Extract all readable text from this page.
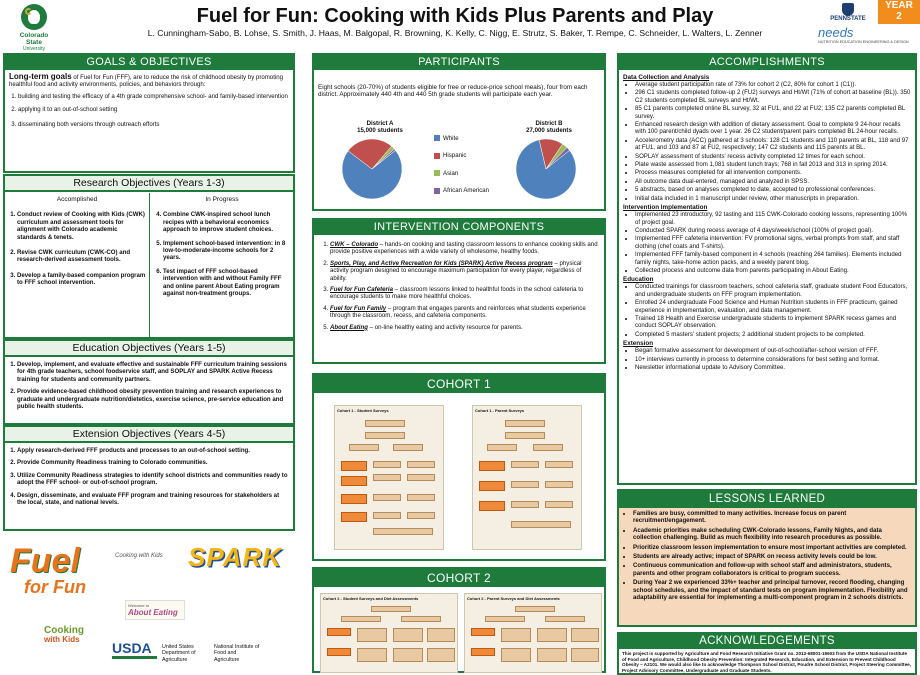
Colorado State
University
Fuel for Fun: Cooking with Kids Plus Parents and Play
L. Cunningham-Sabo, B. Lohse, S. Smith, J. Haas, M. Balgopal, R. Browning, K. Kelly, C. Nigg, E. Strutz, S. Baker, T. Rempe, C. Schneider, L. Walters, L. Zenner
PENNSTATE
YEAR
2
needs
NUTRITION EDUCATION ENGINEERING & DESIGN
GOALS & OBJECTIVES
Long-term goals of Fuel for Fun (FFF), are to reduce the risk of childhood obesity by promoting healthful food and activity environments, policies, and behaviors through:
1. building and testing the efficacy of a 4th grade comprehensive school- and family-based intervention
2. applying it to an out-of-school setting
3. disseminating both versions through outreach efforts
Research Objectives (Years 1-3)
Accomplished
1. Conduct review of Cooking with Kids (CWK) curriculum and assessment tools for alignment with Colorado academic standards & tenets.
2. Revise CWK curriculum (CWK-CO) and research-derived assessment tools.
3. Develop a family-based companion program to FFF school intervention.
In Progress
4. Combine CWK-inspired school lunch recipes with a behavioral economics approach to improve student choices.
5. Implement school-based intervention: in 8 low-to-moderate-income schools for 2 years.
6. Test impact of FFF school-based intervention with and without Family FFF and online parent About Eating program against non-treatment groups.
Education Objectives (Years 1-5)
1. Develop, implement, and evaluate effective and sustainable FFF curriculum training sessions for 4th grade teachers, school foodservice staff, and SOPLAY and SPARK Active Recess training for students and community partners.
2. Provide evidence-based childhood obesity prevention training and research experiences to graduate and undergraduate nutrition/dietetics, exercise science, pre-service education and public health students.
Extension Objectives (Years 4-5)
1. Apply research-derived FFF products and processes to an out-of-school setting.
2. Provide Community Readiness training to Colorado communities.
3. Utilize Community Readiness strategies to identify school districts and communities ready to adopt the FFF school- or out-of-school program.
4. Design, disseminate, and evaluate FFF program and training resources for stakeholders at the local, state, and national levels.
Fuel
for Fun
Cooking
with Kids
Cooking with Kids SPARK
Welcome to
About Eating
USDA	United States Department of Agriculture
National Institute of Food and Agriculture
PARTICIPANTS
Eight schools (20-70%) of students eligible for free or reduce-price school meals), four from each district. Approximately 440 4th and 440 5th grade students will participate each year.
District A
15,000 students
White
Hispanic
Asian
African American
District B
27,000 students
INTERVENTION COMPONENTS
1. CWK – Colorado – hands-on cooking and tasting classroom lessons to enhance cooking skills and provide positive experiences with a wide variety of wholesome, healthy foods.
2. Sports, Play, and Active Recreation for Kids (SPARK) Active Recess program – physical activity program designed to encourage maximum participation for every player, regardless of ability.
3. Fuel for Fun Cafeteria – classroom lessons linked to healthful foods in the school cafeteria to encourage students to make more healthful choices.
4. Fuel for Fun Family – program that engages parents and reinforces what students experience through the classroom, recess, and cafeteria components.
5. About Eating – on-line healthy eating and activity resource for parents.
COHORT 1
Cohort 1 - Student Surveys	Cohort 1 - Parent Surveys
COHORT 2
Cohort 2 - Student Surveys and Diet Assessments	Cohort 2 - Parent Surveys and Diet Assessments
ACCOMPLISHMENTS
Data Collection and Analysis
• Average student participation rate of 73% for cohort 2 (C2, 80% for cohort 1 (C1)).
• 296 C1 students completed follow-up 2 (FU2) surveys and Ht/Wt (71% of cohort at baseline (BL)). 350 C2 students completed BL surveys and Ht/Wt.
• 85 C1 parents completed online BL survey, 32 at FU1, and 22 at FU2; 135 C2 parents completed BL survey.
• Enhanced research design with addition of dietary assessment. Goal to complete 9 24-hour recalls with 100 parent/child dyads over 1 year. 26 C2 student/parent pairs completed BL 24-hour recalls.
• Accelerometry data (ACC) gathered at 3 schools: 128 C1 students and 110 parents at BL, 118 and 97 at FU1, and 103 and 87 at FU2, respectively; 147 C2 students and 115 parents at BL.
• SOPLAY assessment of students' recess activity completed 12 times for each school.
• Plate waste assessed from 1,081 student lunch trays; 768 in fall 2013 and 313 in spring 2014.
• Process measures completed for all intervention components.
• All outcome data dual-entered, managed and analyzed in SPSS.
• 5 abstracts, based on analyses completed to date, accepted to professional conferences.
• Initial data included in 1 manuscript under review, other manuscripts in preparation.
Intervention Implementation
• Implemented 23 introductory, 92 tasting and 115 CWK-Colorado cooking lessons, representing 100% of project goal.
• Conducted SPARK during recess average of 4 days/week/school (100% of project goal).
• Implemented FFF cafeteria intervention: FV promotional signs, verbal prompts from staff, and staff clothing (chef coats and T-shirts).
• Implemented FFF family-based component in 4 schools (reaching 264 families). Elements included family nights, take-home action packs, and a weekly parent blog.
• Collected process and outcome data from parents participating in About Eating.
Education
• Conducted trainings for classroom teachers, school cafeteria staff, graduate student Food Educators, and undergraduate students on FFF program implementation.
• Enrolled 24 undergraduate Food Science and Human Nutrition students in FFF practicum, gained experience in implementation, evaluation, and data management.
• Trained 18 Health and Exercise undergraduate students to implement SPARK recess games and conduct SOPLAY observation.
• Completed 5 masters' student projects; 2 additional student projects to be completed.
Extension
• Began formative assessment for development of out-of-school/after-school version of FFF.
• 10+ interviews currently in process to determine considerations for best setting and format.
• Newsletter informational update to Advisory Committee.
LESSONS LEARNED
• Families are busy, committed to many activities. Increase focus on parent recruitment/engagement.
• Academic priorities make scheduling CWK-Colorado lessons, Family Nights, and data collection challenging. Build as much flexibility into research procedures as possible.
• Prioritize classroom lesson implementation to ensure most important activities are completed.
• Students are already active; impact of SPARK on recess activity levels could be low.
• Continuous communication and follow-up with school staff and administrators, students, parents and other program collaborators is critical to program success.
• During Year 2 we experienced 33%+ teacher and principal turnover, record flooding, changing school schedules, and the impact of standard tests on program implementation. Flexibility and adaptability are essential for implementing a multi-component program in 2 schools districts.
ACKNOWLEDGEMENTS
This project is supported by Agriculture and Food Research Initiative Grant no. 2012-68001-19603 from the USDA National Institute of Food and Agriculture, Childhood Obesity Prevention: Integrated Research, Education, and Extension to Prevent Childhood Obesity – A2101. We would also like to acknowledge Thompson School District, Poudre School District, Project Steering Committee, Project Advisory Committee, Undergraduate and Graduate Students.
